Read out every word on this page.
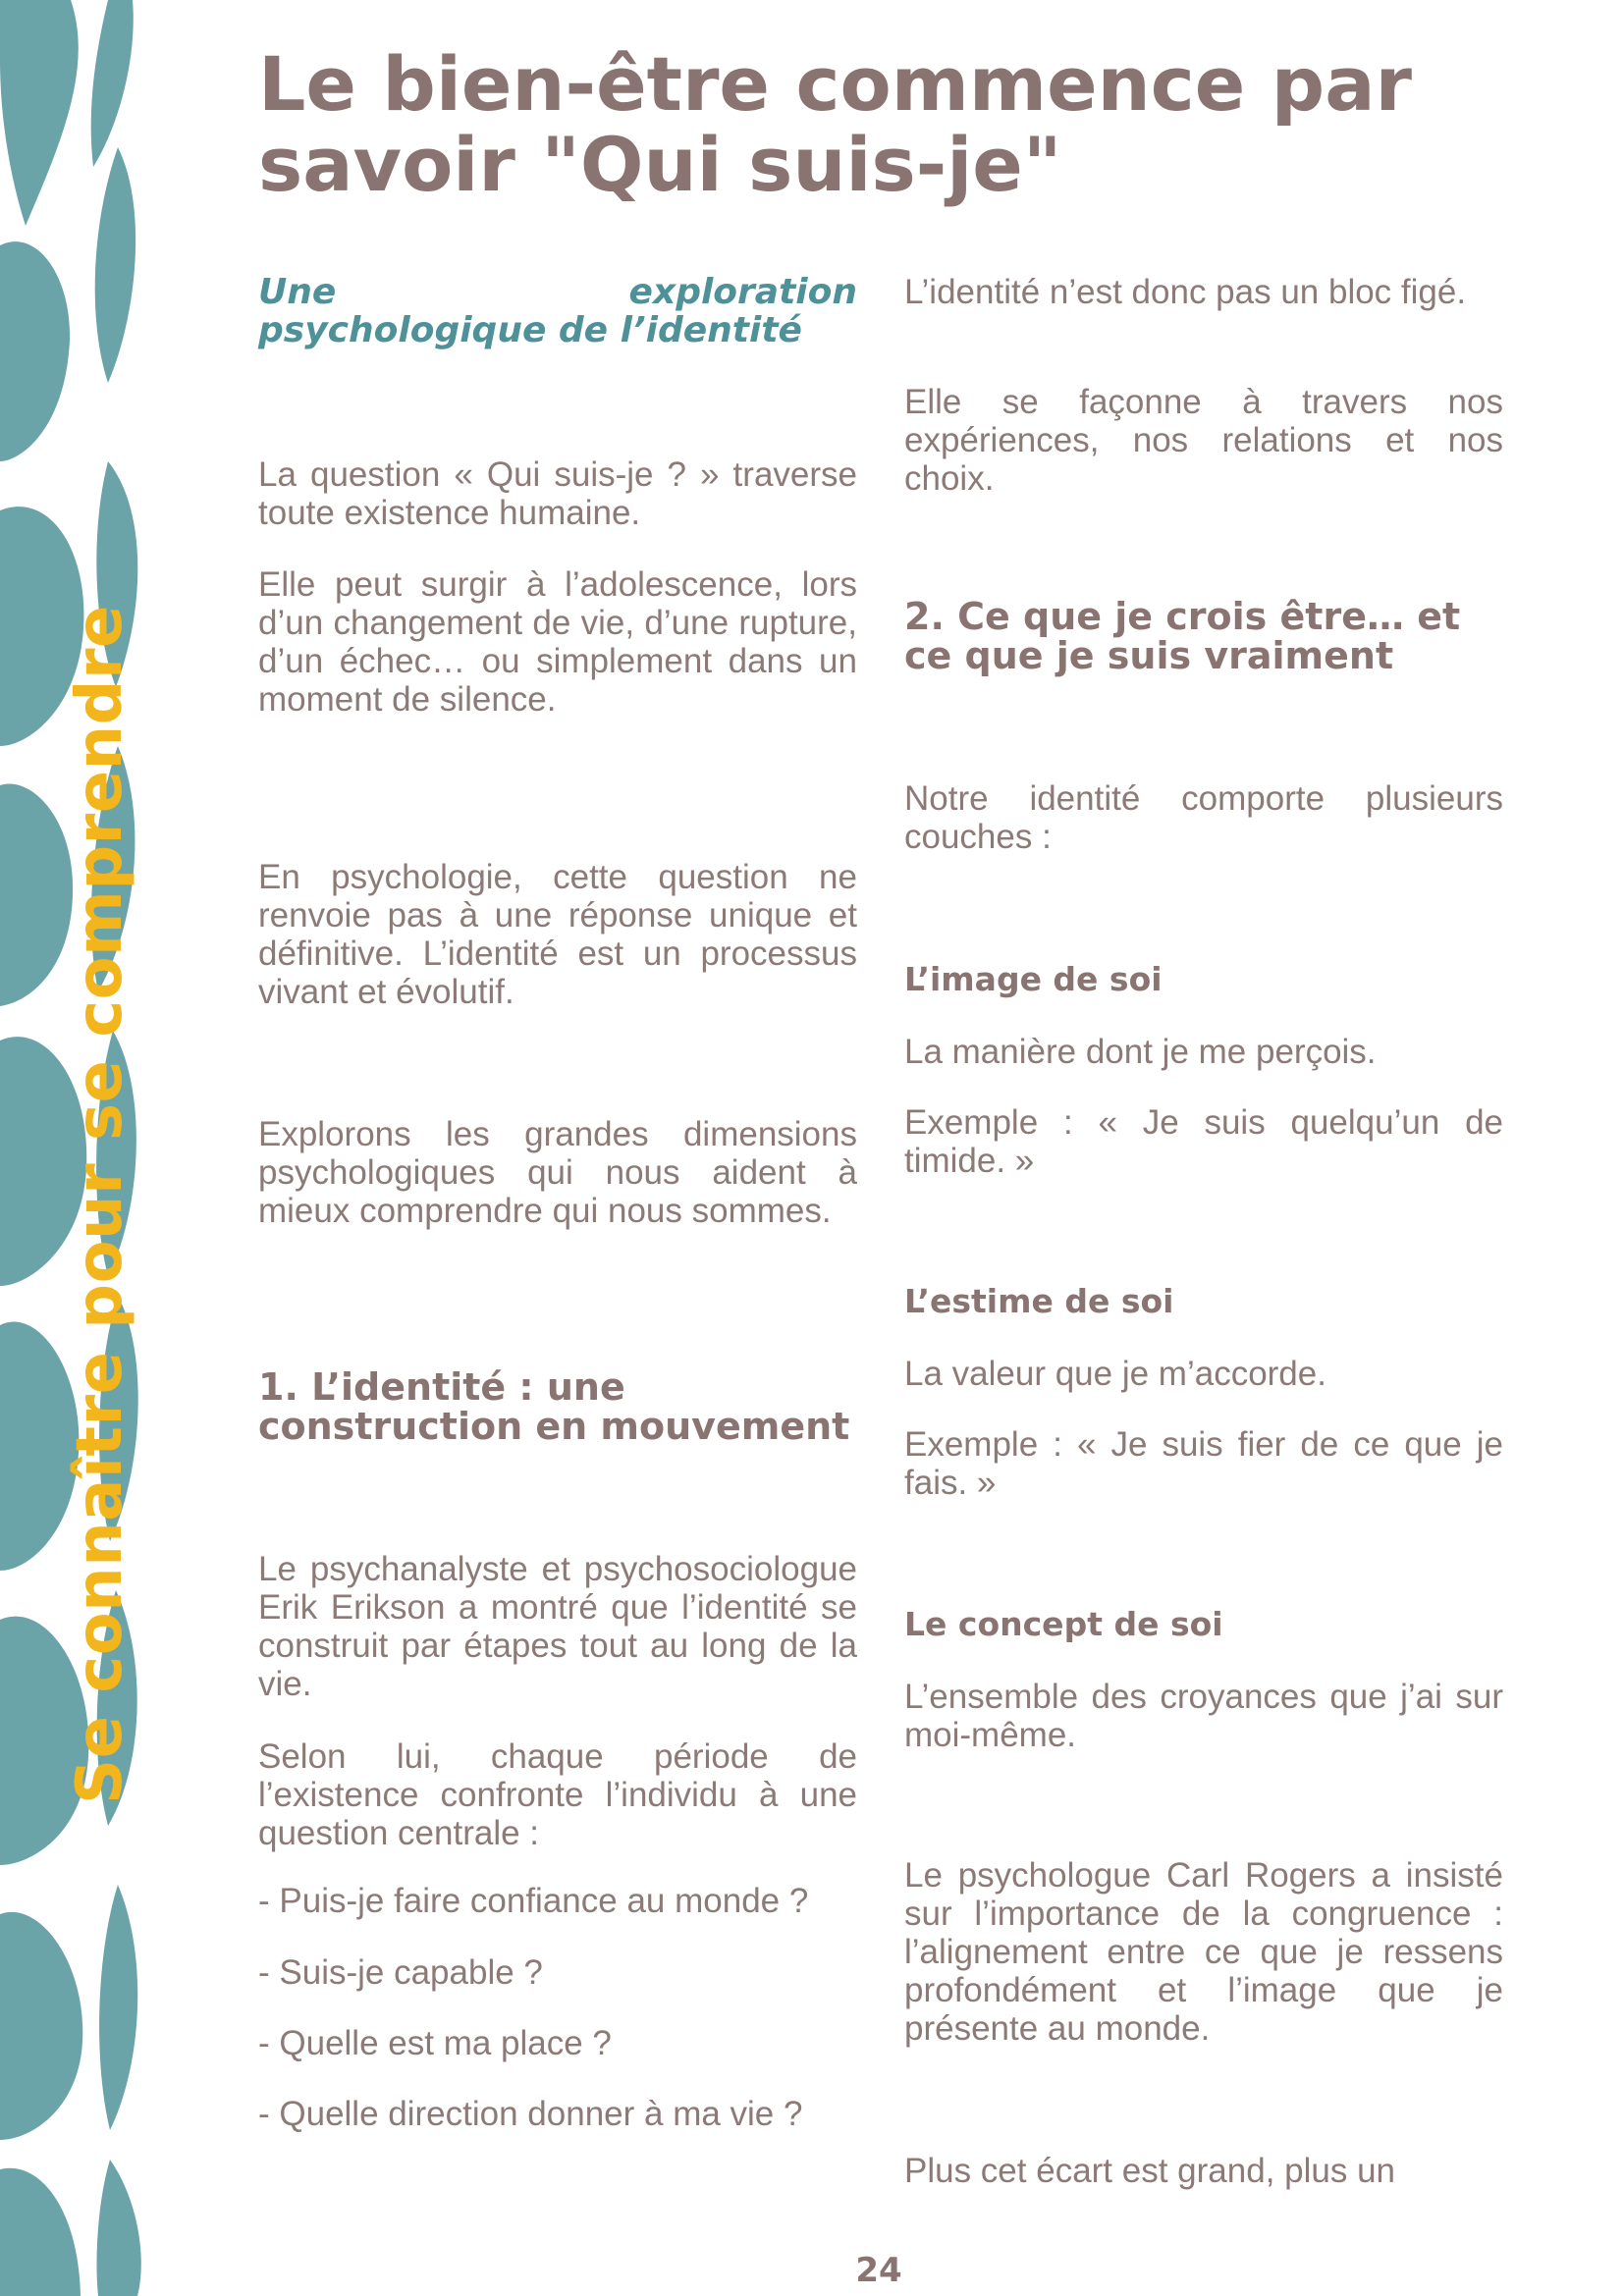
Se connaître pour se comprendre
Le bien-être commence par
savoir "Qui suis-je"

Une exploration psychologique de l’identité

La question « Qui suis-je ? » traverse toute existence humaine.

Elle peut surgir à l’adolescence, lors d’un changement de vie, d’une rupture, d’un échec… ou simplement dans un moment de silence.

En psychologie, cette question ne renvoie pas à une réponse unique et définitive. L’identité est un processus vivant et évolutif.

Explorons les grandes dimensions psychologiques qui nous aident à mieux comprendre qui nous sommes.

1. L’identité : une construction en mouvement

Le psychanalyste et psychosociologue Erik Erikson a montré que l’identité se construit par étapes tout au long de la vie.

Selon lui, chaque période de l’existence confronte l’individu à une question centrale :

- Puis-je faire confiance au monde ?

- Suis-je capable ?

- Quelle est ma place ?

- Quelle direction donner à ma vie ?

L’identité n’est donc pas un bloc figé.

Elle se façonne à travers nos expériences, nos relations et nos choix.

2. Ce que je crois être… et ce que je suis vraiment

Notre identité comporte plusieurs couches :

L’image de soi

La manière dont je me perçois.

Exemple : « Je suis quelqu’un de timide. »

L’estime de soi

La valeur que je m’accorde.

Exemple : « Je suis fier de ce que je fais. »

Le concept de soi

L’ensemble des croyances que j’ai sur moi-même.

Le psychologue Carl Rogers a insisté sur l’importance de la congruence : l’alignement entre ce que je ressens profondément et l’image que je présente au monde.

Plus cet écart est grand, plus un

24
